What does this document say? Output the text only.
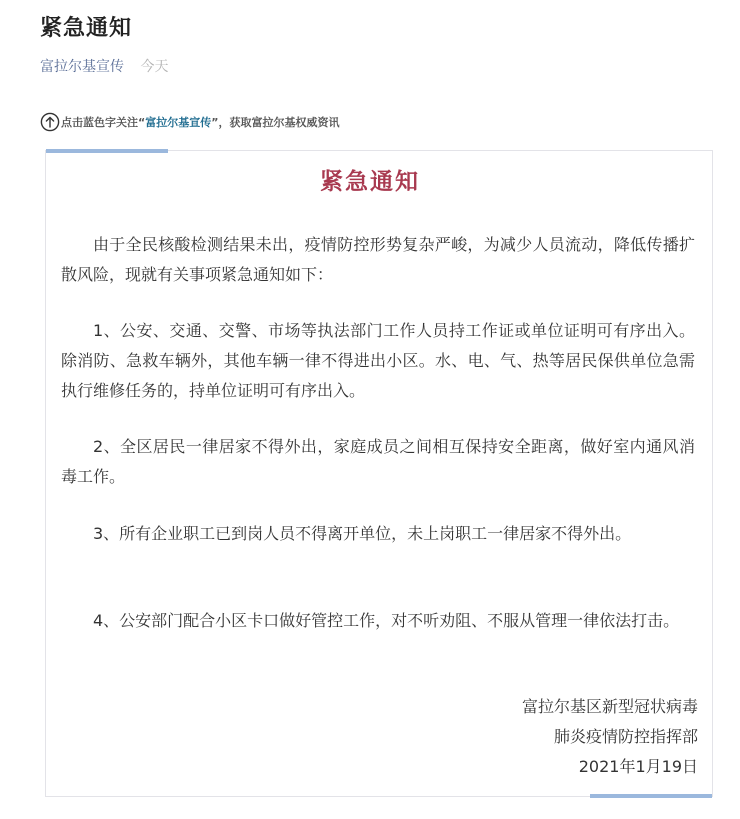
紧急通知
富拉尔基宣传 今天
点击蓝色字关注“ 富拉尔基宣传 ”，获取富拉尔基权威资讯
紧急通知

由于全民核酸检测结果未出，疫情防控形势复杂严峻，为减少人员流动，降低传播扩散风险，现就有关事项紧急通知如下：

1、公安、交通、交警、市场等执法部门工作人员持工作证或单位证明可有序出入。除消防、急救车辆外，其他车辆一律不得进出小区。水、电、气、热等居民保供单位急需执行维修任务的，持单位证明可有序出入。

2、全区居民一律居家不得外出，家庭成员之间相互保持安全距离，做好室内通风消毒工作。

3、所有企业职工已到岗人员不得离开单位，未上岗职工一律居家不得外出。

4、公安部门配合小区卡口做好管控工作，对不听劝阻、不服从管理一律依法打击。

富拉尔基区新型冠状病毒
肺炎疫情防控指挥部
2021年1月19日
